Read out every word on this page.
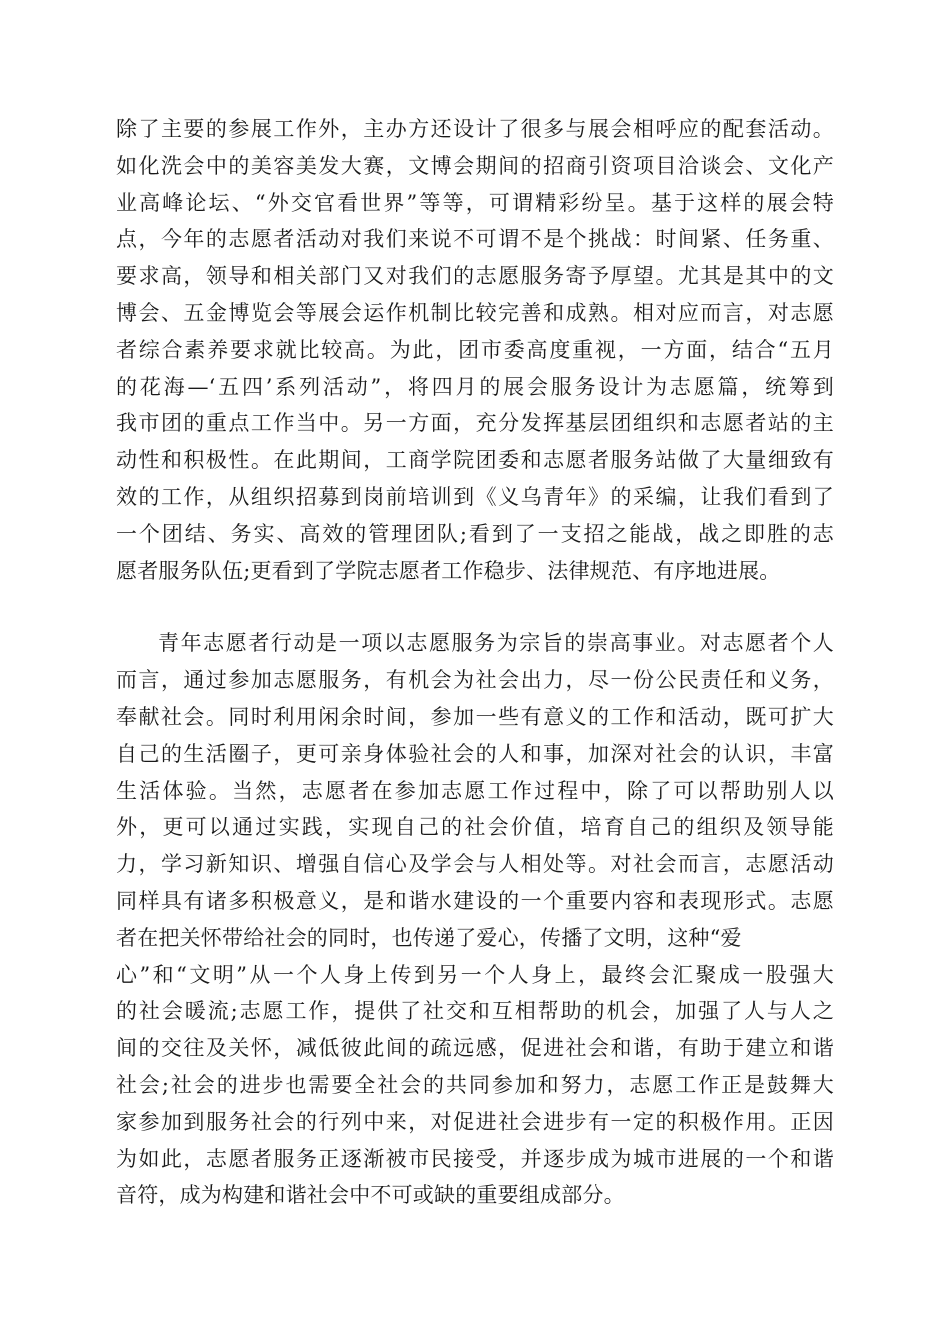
除了主要的参展工作外，主办方还设计了很多与展会相呼应的配套活动。
如化洗会中的美容美发大赛，文博会期间的招商引资项目洽谈会、文化产
业高峰论坛、“外交官看世界”等等，可谓精彩纷呈。基于这样的展会特
点，今年的志愿者活动对我们来说不可谓不是个挑战：时间紧、任务重、
要求高，领导和相关部门又对我们的志愿服务寄予厚望。尤其是其中的文
博会、五金博览会等展会运作机制比较完善和成熟。相对应而言，对志愿
者综合素养要求就比较高。为此，团市委高度重视，一方面，结合“五月
的花海—‘五四’系列活动”，将四月的展会服务设计为志愿篇，统筹到
我市团的重点工作当中。另一方面，充分发挥基层团组织和志愿者站的主
动性和积极性。在此期间，工商学院团委和志愿者服务站做了大量细致有
效的工作，从组织招募到岗前培训到《义乌青年》的采编，让我们看到了
一个团结、务实、高效的管理团队;看到了一支招之能战，战之即胜的志
愿者服务队伍;更看到了学院志愿者工作稳步、法律规范、有序地进展。
青年志愿者行动是一项以志愿服务为宗旨的崇高事业。对志愿者个人
而言，通过参加志愿服务，有机会为社会出力，尽一份公民责任和义务，
奉献社会。同时利用闲余时间，参加一些有意义的工作和活动，既可扩大
自己的生活圈子，更可亲身体验社会的人和事，加深对社会的认识，丰富
生活体验。当然，志愿者在参加志愿工作过程中，除了可以帮助别人以
外，更可以通过实践，实现自己的社会价值，培育自己的组织及领导能
力，学习新知识、增强自信心及学会与人相处等。对社会而言，志愿活动
同样具有诸多积极意义，是和谐水建设的一个重要内容和表现形式。志愿
者在把关怀带给社会的同时，也传递了爱心，传播了文明，这种“爱
心”和“文明”从一个人身上传到另一个人身上，最终会汇聚成一股强大
的社会暖流;志愿工作，提供了社交和互相帮助的机会，加强了人与人之
间的交往及关怀，减低彼此间的疏远感，促进社会和谐，有助于建立和谐
社会;社会的进步也需要全社会的共同参加和努力，志愿工作正是鼓舞大
家参加到服务社会的行列中来，对促进社会进步有一定的积极作用。正因
为如此，志愿者服务正逐渐被市民接受，并逐步成为城市进展的一个和谐
音符，成为构建和谐社会中不可或缺的重要组成部分。
